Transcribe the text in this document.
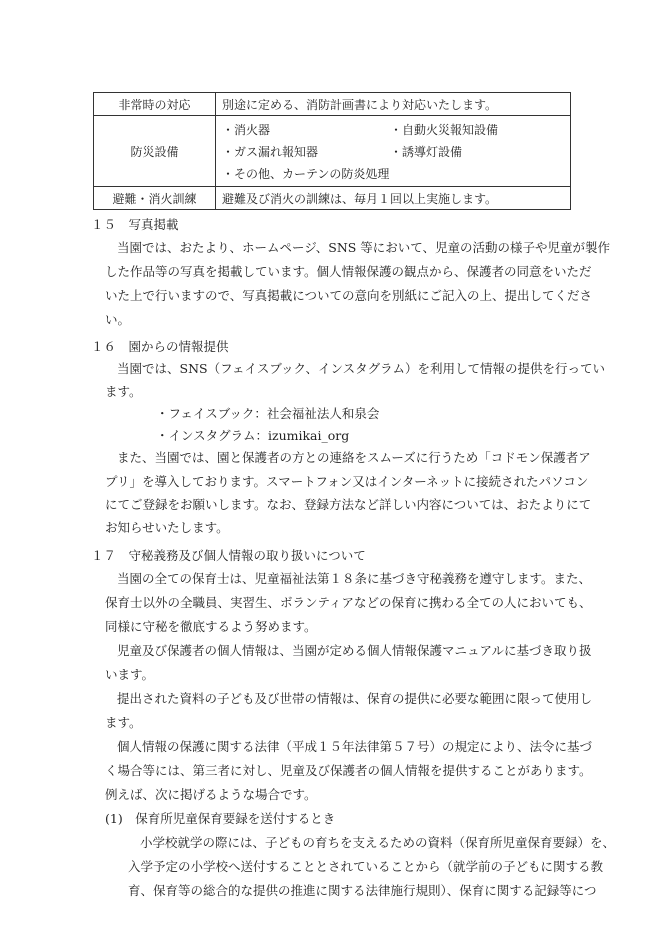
非常時の対応	別途に定める、消防計画書により対応いたします。
防災設備	・消火器 ・自動火災報知設備
・ガス漏れ報知器 ・誘導灯設備
・その他、カーテンの防炎処理

避難・消火訓練	避難及び消火の訓練は、毎月１回以上実施します。
１５　写真掲載
当園では、おたより、ホームページ、SNS 等において、児童の活動の様子や児童が製作
した作品等の写真を掲載しています。個人情報保護の観点から、保護者の同意をいただ
いた上で行いますので、写真掲載についての意向を別紙にご記入の上、提出してくださ
い。
１６　園からの情報提供
当園では、SNS（フェイスブック、インスタグラム）を利用して情報の提供を行ってい
ます。
・フェイスブック：社会福祉法人和泉会
・インスタグラム：izumikai_org
また、当園では、園と保護者の方との連絡をスムーズに行うため「コドモン保護者ア
プリ」を導入しております。スマートフォン又はインターネットに接続されたパソコン
にてご登録をお願いします。なお、登録方法など詳しい内容については、おたよりにて
お知らせいたします。
１７　守秘義務及び個人情報の取り扱いについて
当園の全ての保育士は、児童福祉法第１８条に基づき守秘義務を遵守します。また、
保育士以外の全職員、実習生、ボランティアなどの保育に携わる全ての人においても、
同様に守秘を徹底するよう努めます。
児童及び保護者の個人情報は、当園が定める個人情報保護マニュアルに基づき取り扱
います。
提出された資料の子ども及び世帯の情報は、保育の提供に必要な範囲に限って使用し
ます。
個人情報の保護に関する法律（平成１５年法律第５７号）の規定により、法令に基づ
く場合等には、第三者に対し、児童及び保護者の個人情報を提供することがあります。
例えば、次に掲げるような場合です。
(1)　保育所児童保育要録を送付するとき
小学校就学の際には、子どもの育ちを支えるための資料（保育所児童保育要録）を、
入学予定の小学校へ送付することとされていることから（就学前の子どもに関する教
育、保育等の総合的な提供の推進に関する法律施行規則）、保育に関する記録等につ
